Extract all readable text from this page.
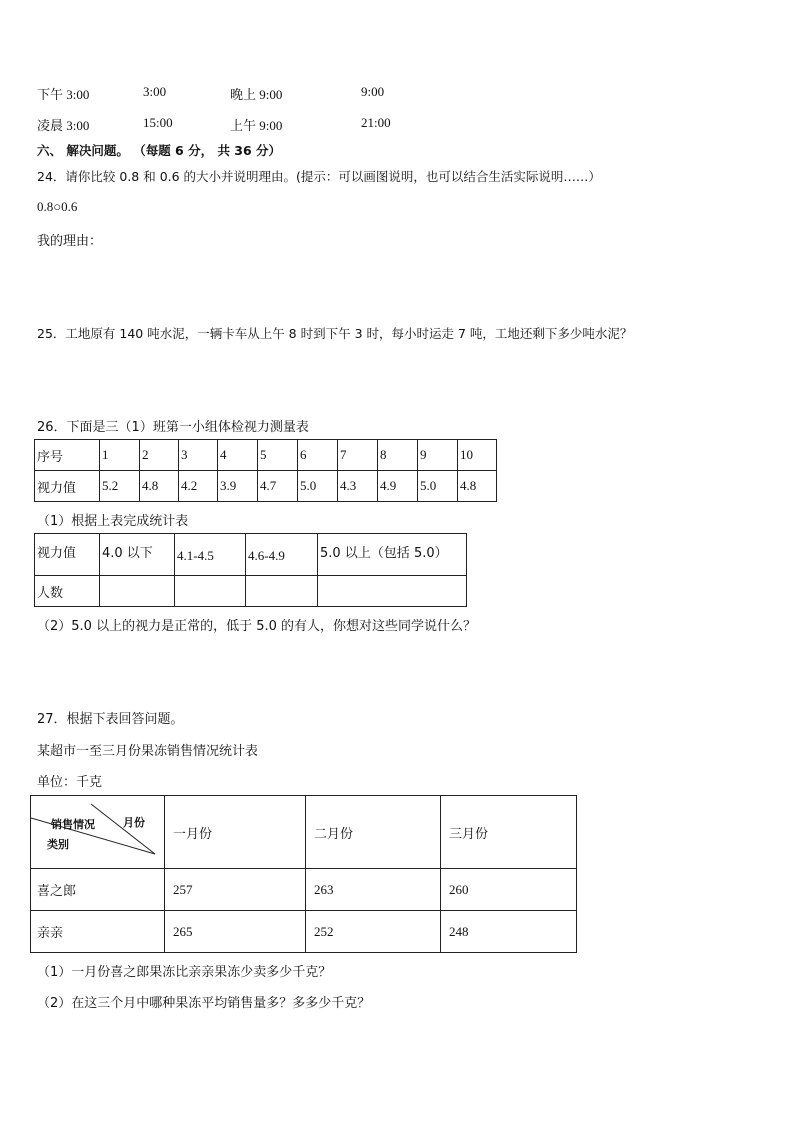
下午 3:00	3:00	晚上 9:00	9:00
凌晨 3:00	15:00	上午 9:00	21:00
六、 解决问题。 （每题 6 分， 共 36 分）
24．请你比较 0.8 和 0.6 的大小并说明理由。(提示：可以画图说明，也可以结合生活实际说明……）
0.8○0.6
我的理由：
25．工地原有 140 吨水泥，一辆卡车从上午 8 时到下午 3 时，每小时运走 7 吨，工地还剩下多少吨水泥？
26．下面是三（1）班第一小组体检视力测量表
序号	1	2	3	4	5	6	7	8	9	10
视力值	5.2	4.8	4.2	3.9	4.7	5.0	4.3	4.9	5.0	4.8
（1）根据上表完成统计表
视力值	4.0 以下	4.1-4.5	4.6-4.9	5.0 以上（包括 5.0）
人数				
（2）5.0 以上的视力是正常的，低于 5.0 的有人，你想对这些同学说什么？
27．根据下表回答问题。
某超市一至三月份果冻销售情况统计表
单位：千克
销售情况 月份
类别	一月份	二月份	三月份
喜之郎	257	263	260
亲亲	265	252	248
（1）一月份喜之郎果冻比亲亲果冻少卖多少千克？
（2）在这三个月中哪种果冻平均销售量多？多多少千克？
